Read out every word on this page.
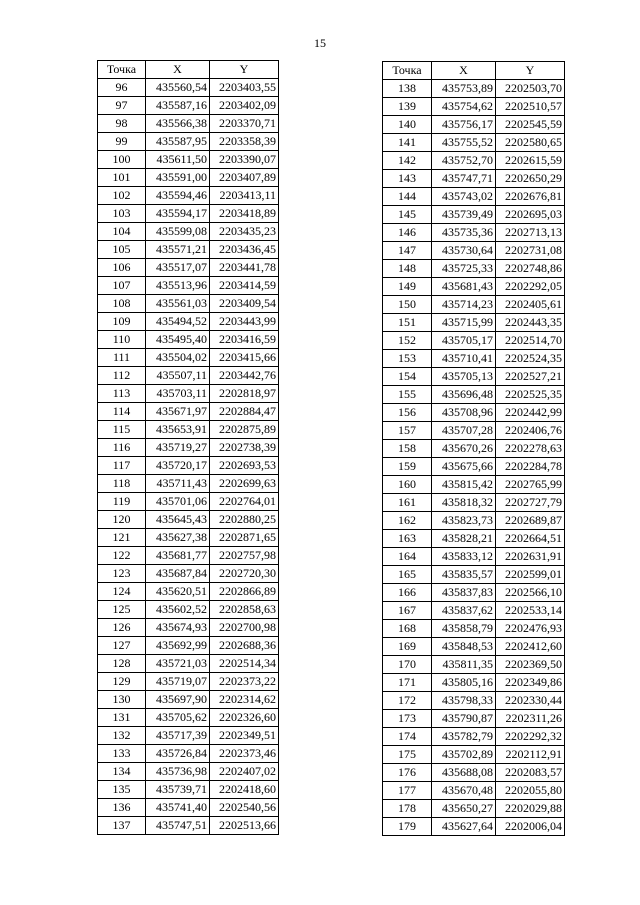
15
Точка	X	Y
96	435560,54	2203403,55
97	435587,16	2203402,09
98	435566,38	2203370,71
99	435587,95	2203358,39
100	435611,50	2203390,07
101	435591,00	2203407,89
102	435594,46	2203413,11
103	435594,17	2203418,89
104	435599,08	2203435,23
105	435571,21	2203436,45
106	435517,07	2203441,78
107	435513,96	2203414,59
108	435561,03	2203409,54
109	435494,52	2203443,99
110	435495,40	2203416,59
111	435504,02	2203415,66
112	435507,11	2203442,76
113	435703,11	2202818,97
114	435671,97	2202884,47
115	435653,91	2202875,89
116	435719,27	2202738,39
117	435720,17	2202693,53
118	435711,43	2202699,63
119	435701,06	2202764,01
120	435645,43	2202880,25
121	435627,38	2202871,65
122	435681,77	2202757,98
123	435687,84	2202720,30
124	435620,51	2202866,89
125	435602,52	2202858,63
126	435674,93	2202700,98
127	435692,99	2202688,36
128	435721,03	2202514,34
129	435719,07	2202373,22
130	435697,90	2202314,62
131	435705,62	2202326,60
132	435717,39	2202349,51
133	435726,84	2202373,46
134	435736,98	2202407,02
135	435739,71	2202418,60
136	435741,40	2202540,56
137	435747,51	2202513,66
Точка	X	Y
138	435753,89	2202503,70
139	435754,62	2202510,57
140	435756,17	2202545,59
141	435755,52	2202580,65
142	435752,70	2202615,59
143	435747,71	2202650,29
144	435743,02	2202676,81
145	435739,49	2202695,03
146	435735,36	2202713,13
147	435730,64	2202731,08
148	435725,33	2202748,86
149	435681,43	2202292,05
150	435714,23	2202405,61
151	435715,99	2202443,35
152	435705,17	2202514,70
153	435710,41	2202524,35
154	435705,13	2202527,21
155	435696,48	2202525,35
156	435708,96	2202442,99
157	435707,28	2202406,76
158	435670,26	2202278,63
159	435675,66	2202284,78
160	435815,42	2202765,99
161	435818,32	2202727,79
162	435823,73	2202689,87
163	435828,21	2202664,51
164	435833,12	2202631,91
165	435835,57	2202599,01
166	435837,83	2202566,10
167	435837,62	2202533,14
168	435858,79	2202476,93
169	435848,53	2202412,60
170	435811,35	2202369,50
171	435805,16	2202349,86
172	435798,33	2202330,44
173	435790,87	2202311,26
174	435782,79	2202292,32
175	435702,89	2202112,91
176	435688,08	2202083,57
177	435670,48	2202055,80
178	435650,27	2202029,88
179	435627,64	2202006,04
